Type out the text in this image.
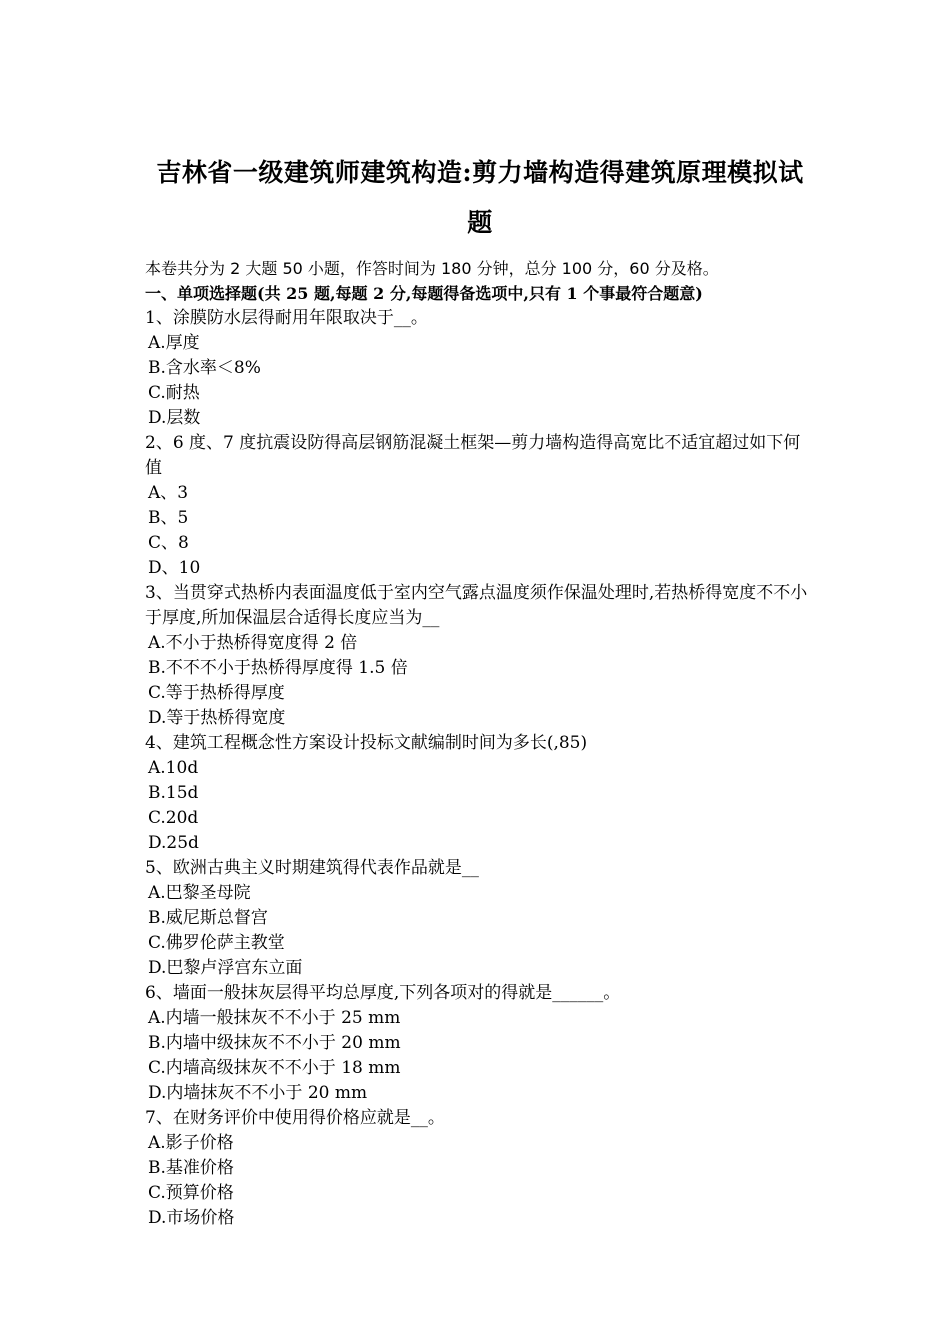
吉林省一级建筑师建筑构造:剪力墙构造得建筑原理模拟试题
本卷共分为 2 大题 50 小题，作答时间为 180 分钟，总分 100 分，60 分及格。
一、单项选择题(共 25 题,每题 2 分,每题得备选项中,只有 1 个事最符合题意)
1、涂膜防水层得耐用年限取决于__。
A.厚度
B.含水率＜8%
C.耐热
D.层数
2、6 度、7 度抗震设防得高层钢筋混凝土框架—剪力墙构造得高宽比不适宜超过如下何值
A、3
B、5
C、8
D、10
3、当贯穿式热桥内表面温度低于室内空气露点温度须作保温处理时,若热桥得宽度不不小于厚度,所加保温层合适得长度应当为__
A.不小于热桥得宽度得 2 倍
B.不不不小于热桥得厚度得 1.5 倍
C.等于热桥得厚度
D.等于热桥得宽度
4、建筑工程概念性方案设计投标文献编制时间为多长(,85)
A.10d
B.15d
C.20d
D.25d
5、欧洲古典主义时期建筑得代表作品就是__
A.巴黎圣母院
B.威尼斯总督宫
C.佛罗伦萨主教堂
D.巴黎卢浮宫东立面
6、墙面一般抹灰层得平均总厚度,下列各项对的得就是______。
A.内墙一般抹灰不不小于 25 mm
B.内墙中级抹灰不不小于 20 mm
C.内墙高级抹灰不不小于 18 mm
D.内墙抹灰不不小于 20 mm
7、在财务评价中使用得价格应就是__。
A.影子价格
B.基准价格
C.预算价格
D.市场价格
